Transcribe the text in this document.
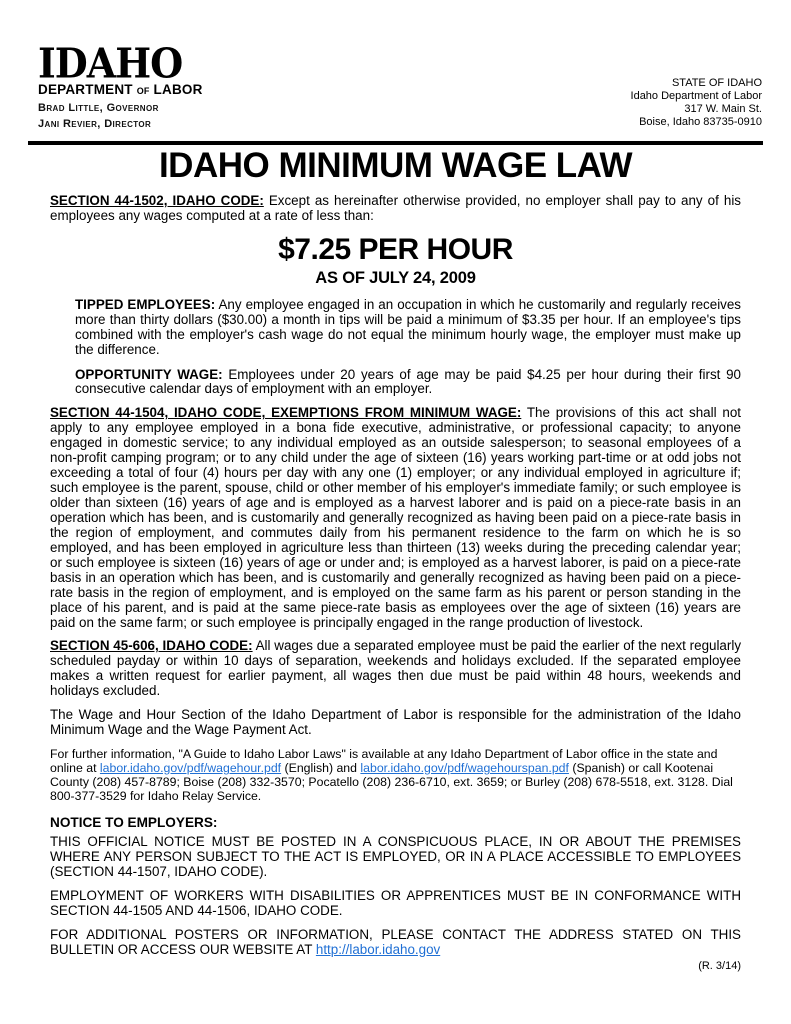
IDAHO
DEPARTMENT of LABOR
Brad Little, Governor
Jani Revier, Director
STATE OF IDAHO
Idaho Department of Labor
317 W. Main St.
Boise, Idaho 83735-0910
IDAHO MINIMUM WAGE LAW

SECTION 44-1502, IDAHO CODE: Except as hereinafter otherwise provided, no employer shall pay to any of his employees any wages computed at a rate of less than:

$7.25 PER HOUR
AS OF JULY 24, 2009

TIPPED EMPLOYEES: Any employee engaged in an occupation in which he customarily and regularly receives more than thirty dollars ($30.00) a month in tips will be paid a minimum of $3.35 per hour. If an employee's tips combined with the employer's cash wage do not equal the minimum hourly wage, the employer must make up the difference.

OPPORTUNITY WAGE: Employees under 20 years of age may be paid $4.25 per hour during their first 90 consecutive calendar days of employment with an employer.

SECTION 44-1504, IDAHO CODE, EXEMPTIONS FROM MINIMUM WAGE: The provisions of this act shall not apply to any employee employed in a bona fide executive, administrative, or professional capacity; to anyone engaged in domestic service; to any individual employed as an outside salesperson; to seasonal employees of a non-profit camping program; or to any child under the age of sixteen (16) years working part-time or at odd jobs not exceeding a total of four (4) hours per day with any one (1) employer; or any individual employed in agriculture if; such employee is the parent, spouse, child or other member of his employer's immediate family; or such employee is older than sixteen (16) years of age and is employed as a harvest laborer and is paid on a piece-rate basis in an operation which has been, and is customarily and generally recognized as having been paid on a piece-rate basis in the region of employment, and commutes daily from his permanent residence to the farm on which he is so employed, and has been employed in agriculture less than thirteen (13) weeks during the preceding calendar year; or such employee is sixteen (16) years of age or under and; is employed as a harvest laborer, is paid on a piece-rate basis in an operation which has been, and is customarily and generally recognized as having been paid on a piece-rate basis in the region of employment, and is employed on the same farm as his parent or person standing in the place of his parent, and is paid at the same piece-rate basis as employees over the age of sixteen (16) years are paid on the same farm; or such employee is principally engaged in the range production of livestock.

SECTION 45-606, IDAHO CODE: All wages due a separated employee must be paid the earlier of the next regularly scheduled payday or within 10 days of separation, weekends and holidays excluded. If the separated employee makes a written request for earlier payment, all wages then due must be paid within 48 hours, weekends and holidays excluded.

The Wage and Hour Section of the Idaho Department of Labor is responsible for the administration of the Idaho Minimum Wage and the Wage Payment Act.

For further information, "A Guide to Idaho Labor Laws" is available at any Idaho Department of Labor office in the state and online at labor.idaho.gov/pdf/wagehour.pdf (English) and labor.idaho.gov/pdf/wagehourspan.pdf (Spanish) or call Kootenai County (208) 457-8789; Boise (208) 332-3570; Pocatello (208) 236-6710, ext. 3659; or Burley (208) 678-5518, ext. 3128. Dial 800-377-3529 for Idaho Relay Service.

NOTICE TO EMPLOYERS:

THIS OFFICIAL NOTICE MUST BE POSTED IN A CONSPICUOUS PLACE, IN OR ABOUT THE PREMISES WHERE ANY PERSON SUBJECT TO THE ACT IS EMPLOYED, OR IN A PLACE ACCESSIBLE TO EMPLOYEES (SECTION 44-1507, IDAHO CODE).

EMPLOYMENT OF WORKERS WITH DISABILITIES OR APPRENTICES MUST BE IN CONFORMANCE WITH SECTION 44-1505 AND 44-1506, IDAHO CODE.

FOR ADDITIONAL POSTERS OR INFORMATION, PLEASE CONTACT THE ADDRESS STATED ON THIS BULLETIN OR ACCESS OUR WEBSITE AT http://labor.idaho.gov

(R. 3/14)
